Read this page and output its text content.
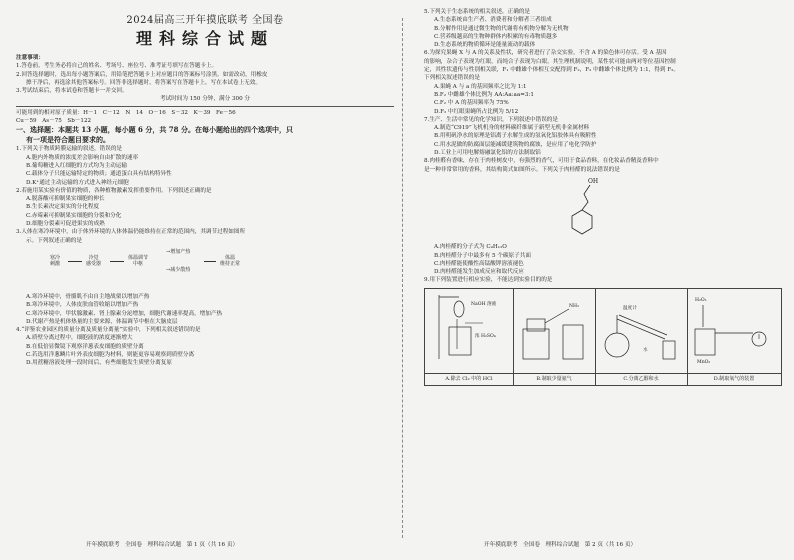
2024届高三开年摸底联考 全国卷

理科综合试题

注意事项：

1.答卷前，考生务必将自己的姓名、考场号、座位号、准考证号填写在答题卡上。

2.回答选择题时，选出每小题答案后，用铅笔把答题卡上对应题目的答案标号涂黑。如需改动，用橡皮

擦干净后，再选涂其他答案标号。回答非选择题时，将答案写在答题卡上，写在本试卷上无效。

3.考试结束后，将本试卷和答题卡一并交回。

考试时间为 150 分钟，满分 300 分

可能用到的相对原子质量：H－1　C－12　N　14　O－16　S－32　K－39　Fe－56

Cu－59　As－75　Sb－122

一、选择题：本题共 13 小题，每小题 6 分，共 78 分。在每小题给出的四个选项中，只

有一项是符合题目要求的。

1.下列关于物质跨膜运输的叙述，错误的是

A.胞内外物质的浓度差会影响自由扩散的速率

B.葡萄糖进入红细胞的方式均为主动运输

C.载体分子只能运输特定的物质；通道蛋白具有结构特异性

D.K⁺通过主动运输的方式进入神经元细胞

2.若施用某实验有价值的物质，各种植物激素发挥重要作用。下列叙述正确的是

A.脱落酸可抑制果实细胞的伸长

B.生长素决定果实的分化程度

C.赤霉素可抑制果实细胞的分裂和分化

D.细胞分裂素可促进果实的成熟

3.人体在寒冷环境中，由于体外环境的人体体温仍能维持在正常的范围内，其调节过程如图所

示。下列叙述正确的是

寒冷
刺激
冷觉
感受器
体温调节
中枢
→增加产热
→减少散热
体温
维持正常

A.寒冷环境中，骨骼肌不由自主地战栗以增加产热

B.寒冷环境中，人体皮肤血管收缩以增加产热

C.寒冷环境中，甲状腺激素、肾上腺素分泌增加，细胞代谢速率提高，增加产热

D.代谢产热是机体热量的主要来源，体温调节中枢在大脑皮层

4.“评鉴农业园区的质量分离及质量分离量”实验中，下列相关叙述错误的是

A.质壁分离过程中，细胞液的浓度逐渐增大

B.在低倍显微镜下观察洋葱表皮细胞的质壁分离

C.若选用洋葱鳞片叶外表皮细胞为材料，则能更容易观察到质壁分离

D.用蔗糖溶液处理一段时间后，有些细胞发生质壁分离复原

5.下列关于生态系统的相关叙述，正确的是

A.生态系统由生产者、消费者和分解者三者组成

B.分解作用是通过微生物的代谢将有机物分解为无机物

C.营养级越高的生物种群体内积累的有毒物质越多

D.生态系统的物质循环是能量流动的载体

6.为探究果蝇 X 与 A 的关系及性状，研究者进行了杂交实验，不含 A 的染色体可存活。受 A 基因

的影响，杂合子表现为红眼，而纯合子表现为白眼。其生理机制说明，某性状可能由两对等位基因控制

定，其性状遗传与性别相关联，F₁ 中雌雄个体相互交配得到 F₂，F₂ 中雌雄个体比例为 1:1，得到 F₂。

下列相关叙述错误的是

A.果蝇 A 与 a 的基因频率之比为 1:1

B.F₂ 中雌雄个体比例为 AA:Aa:aa=3:1

C.F₂ 中 A 的基因频率为 75%

D.F₂ 中红眼果蝇所占比例为 5/12

7.生产、生活中常见的化学知识，下列叙述中错误的是

A.制造“C919”飞机机身的材料碳纤维属于新型无机非金属材料

B.用明矾净水的原理是铝离子水解生成的氢氧化铝胶体具有吸附性

C.用水泥做的防腐面层能减缓建筑物的腐蚀，是应用了电化学防护

D.工业上可用电解熔融氯化铝的方法制取铝

8.肉桂醛有香味，存在于肉桂树皮中，有强烈的香气，可用于食品香料，在化妆品香精及香料中

是一种非常常用的香料，其结构简式如图所示。下列关于肉桂醛的说法错误的是

OH

A.肉桂醛的分子式为 C₉H₁₂O

B.肉桂醛分子中最多有 5 个碳原子共面

C.肉桂醛能使酸性高锰酸钾溶液褪色

D.肉桂醛能发生加成反应和取代反应

9.用下列装置进行相应实验，不能达到实验目的的是

NaOH 溶液
浓 H₂SO₄
A.除去 Cl₂ 中的 HCl
NH₃
B.制取少量氨气
水
温度计
C.分离乙醇和水
H₂O₂
MnO₂
D.制取氧气的装置
开年摸底联考　全国卷　理科综合试题　第 1 页（共 16 页）	开年摸底联考　全国卷　理科综合试题　第 2 页（共 16 页）
